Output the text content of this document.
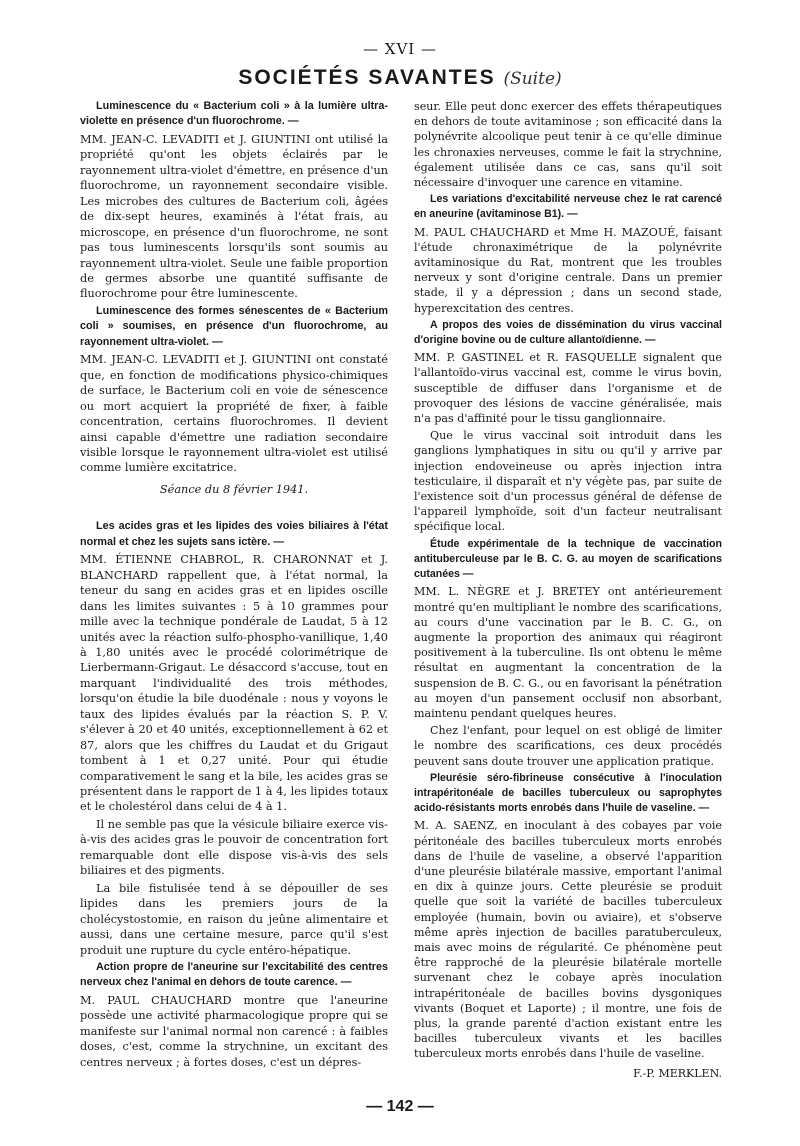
— XVI —
SOCIÉTÉS SAVANTES (Suite)

Luminescence du « Bacterium coli » à la lumière ultra-violette en présence d'un fluorochrome. —

MM. JEAN-C. LEVADITI et J. GIUNTINI ont utilisé la propriété qu'ont les objets éclairés par le rayonnement ultra-violet d'émettre, en présence d'un fluorochrome, un rayonnement secondaire visible. Les microbes des cultures de Bacterium coli, âgées de dix-sept heures, examinés à l'état frais, au microscope, en présence d'un fluorochrome, ne sont pas tous luminescents lorsqu'ils sont soumis au rayonnement ultra-violet. Seule une faible proportion de germes absorbe une quantité suffisante de fluorochrome pour être luminescente.

Luminescence des formes sénescentes de « Bacterium coli » soumises, en présence d'un fluorochrome, au rayonnement ultra-violet. —

MM. JEAN-C. LEVADITI et J. GIUNTINI ont constaté que, en fonction de modifications physico-chimiques de surface, le Bacterium coli en voie de sénescence ou mort acquiert la propriété de fixer, à faible concentration, certains fluorochromes. Il devient ainsi capable d'émettre une radiation secondaire visible lorsque le rayonnement ultra-violet est utilisé comme lumière excitatrice.

Séance du 8 février 1941.

Les acides gras et les lipides des voies biliaires à l'état normal et chez les sujets sans ictère. —

MM. ÉTIENNE CHABROL, R. CHARONNAT et J. BLANCHARD rappellent que, à l'état normal, la teneur du sang en acides gras et en lipides oscille dans les limites suivantes : 5 à 10 grammes pour mille avec la technique pondérale de Laudat, 5 à 12 unités avec la réaction sulfo-phospho-vanillique, 1,40 à 1,80 unités avec le procédé colorimétrique de Lierbermann-Grigaut. Le désaccord s'accuse, tout en marquant l'individualité des trois méthodes, lorsqu'on étudie la bile duodénale : nous y voyons le taux des lipides évalués par la réaction S. P. V. s'élever à 20 et 40 unités, exceptionnellement à 62 et 87, alors que les chiffres du Laudat et du Grigaut tombent à 1 et 0,27 unité. Pour qui étudie comparativement le sang et la bile, les acides gras se présentent dans le rapport de 1 à 4, les lipides totaux et le cholestérol dans celui de 4 à 1.

Il ne semble pas que la vésicule biliaire exerce vis-à-vis des acides gras le pouvoir de concentration fort remarquable dont elle dispose vis-à-vis des sels biliaires et des pigments.

La bile fistulisée tend à se dépouiller de ses lipides dans les premiers jours de la cholécystostomie, en raison du jeûne alimentaire et aussi, dans une certaine mesure, parce qu'il s'est produit une rupture du cycle entéro-hépatique.

Action propre de l'aneurine sur l'excitabilité des centres nerveux chez l'animal en dehors de toute carence. —

M. PAUL CHAUCHARD montre que l'aneurine possède une activité pharmacologique propre qui se manifeste sur l'animal normal non carencé : à faibles doses, c'est, comme la strychnine, un excitant des centres nerveux ; à fortes doses, c'est un dépres-

seur. Elle peut donc exercer des effets thérapeutiques en dehors de toute avitaminose ; son efficacité dans la polynévrite alcoolique peut tenir à ce qu'elle diminue les chronaxies nerveuses, comme le fait la strychnine, également utilisée dans ce cas, sans qu'il soit nécessaire d'invoquer une carence en vitamine.

Les variations d'excitabilité nerveuse chez le rat carencé en aneurine (avitaminose B1). —

M. PAUL CHAUCHARD et Mme H. MAZOUÉ, faisant l'étude chronaximétrique de la polynévrite avitaminosique du Rat, montrent que les troubles nerveux y sont d'origine centrale. Dans un premier stade, il y a dépression ; dans un second stade, hyperexcitation des centres.

A propos des voies de dissémination du virus vaccinal d'origine bovine ou de culture allantoïdienne. —

MM. P. GASTINEL et R. FASQUELLE signalent que l'allantoïdo-virus vaccinal est, comme le virus bovin, susceptible de diffuser dans l'organisme et de provoquer des lésions de vaccine généralisée, mais n'a pas d'affinité pour le tissu ganglionnaire.

Que le virus vaccinal soit introduit dans les ganglions lymphatiques in situ ou qu'il y arrive par injection endoveineuse ou après injection intra testiculaire, il disparaît et n'y végète pas, par suite de l'existence soit d'un processus général de défense de l'appareil lymphoïde, soit d'un facteur neutralisant spécifique local.

Étude expérimentale de la technique de vaccination antituberculeuse par le B. C. G. au moyen de scarifications cutanées —

MM. L. NÈGRE et J. BRETEY ont antérieurement montré qu'en multipliant le nombre des scarifications, au cours d'une vaccination par le B. C. G., on augmente la proportion des animaux qui réagiront positivement à la tuberculine. Ils ont obtenu le même résultat en augmentant la concentration de la suspension de B. C. G., ou en favorisant la pénétration au moyen d'un pansement occlusif non absorbant, maintenu pendant quelques heures.

Chez l'enfant, pour lequel on est obligé de limiter le nombre des scarifications, ces deux procédés peuvent sans doute trouver une application pratique.

Pleurésie séro-fibrineuse consécutive à l'inoculation intrapéritonéale de bacilles tuberculeux ou saprophytes acido-résistants morts enrobés dans l'huile de vaseline. —

M. A. SAENZ, en inoculant à des cobayes par voie péritonéale des bacilles tuberculeux morts enrobés dans de l'huile de vaseline, a observé l'apparition d'une pleurésie bilatérale massive, emportant l'animal en dix à quinze jours. Cette pleurésie se produit quelle que soit la variété de bacilles tuberculeux employée (humain, bovin ou aviaire), et s'observe même après injection de bacilles paratuberculeux, mais avec moins de régularité. Ce phénomène peut être rapproché de la pleurésie bilatérale mortelle survenant chez le cobaye après inoculation intrapéritonéale de bacilles bovins dysgoniques vivants (Boquet et Laporte) ; il montre, une fois de plus, la grande parenté d'action existant entre les bacilles tuberculeux vivants et les bacilles tuberculeux morts enrobés dans l'huile de vaseline.

F.-P. MERKLEN.

— 142 —
